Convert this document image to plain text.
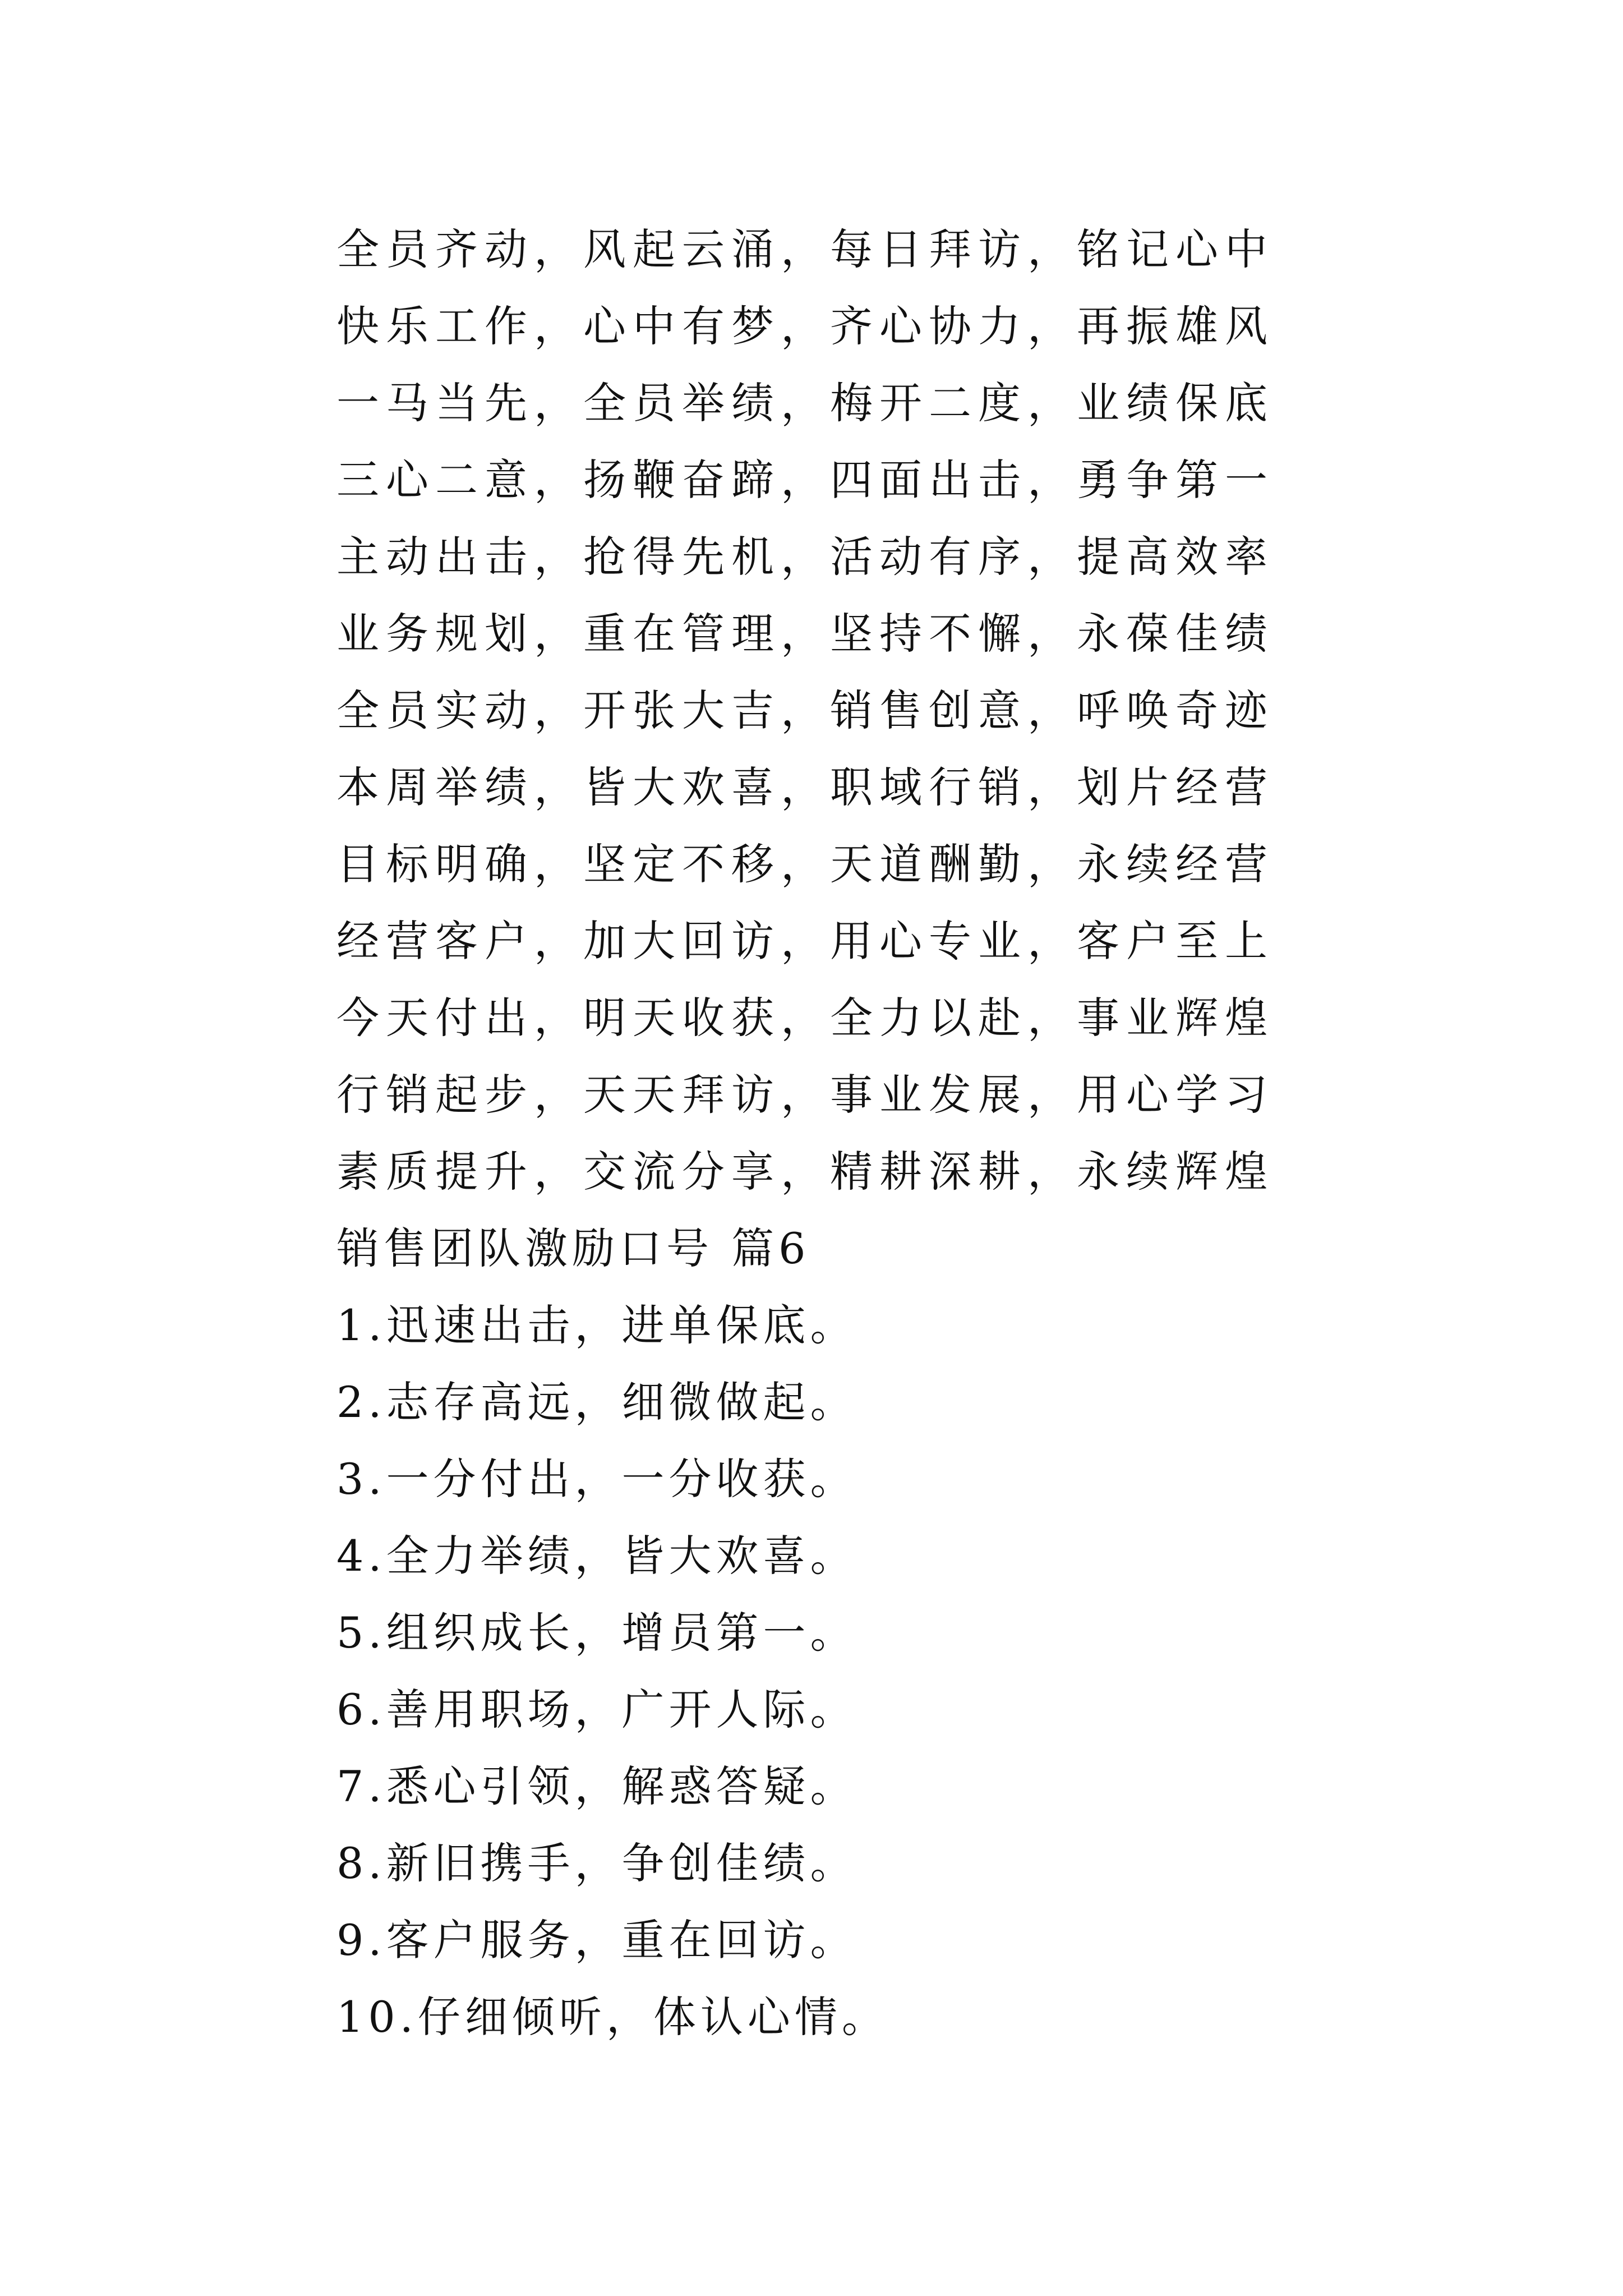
全员齐动，风起云涌，每日拜访，铭记心中
快乐工作，心中有梦，齐心协力，再振雄风
一马当先，全员举绩，梅开二度，业绩保底
三心二意，扬鞭奋蹄，四面出击，勇争第一
主动出击，抢得先机，活动有序，提高效率
业务规划，重在管理，坚持不懈，永葆佳绩
全员实动，开张大吉，销售创意，呼唤奇迹
本周举绩，皆大欢喜，职域行销，划片经营
目标明确，坚定不移，天道酬勤，永续经营
经营客户，加大回访，用心专业，客户至上
今天付出，明天收获，全力以赴，事业辉煌
行销起步，天天拜访，事业发展，用心学习
素质提升，交流分享，精耕深耕，永续辉煌
销售团队激励口号 篇6
1.迅速出击，进单保底。
2.志存高远，细微做起。
3.一分付出，一分收获。
4.全力举绩，皆大欢喜。
5.组织成长，增员第一。
6.善用职场，广开人际。
7.悉心引领，解惑答疑。
8.新旧携手，争创佳绩。
9.客户服务，重在回访。
10.仔细倾听，体认心情。
